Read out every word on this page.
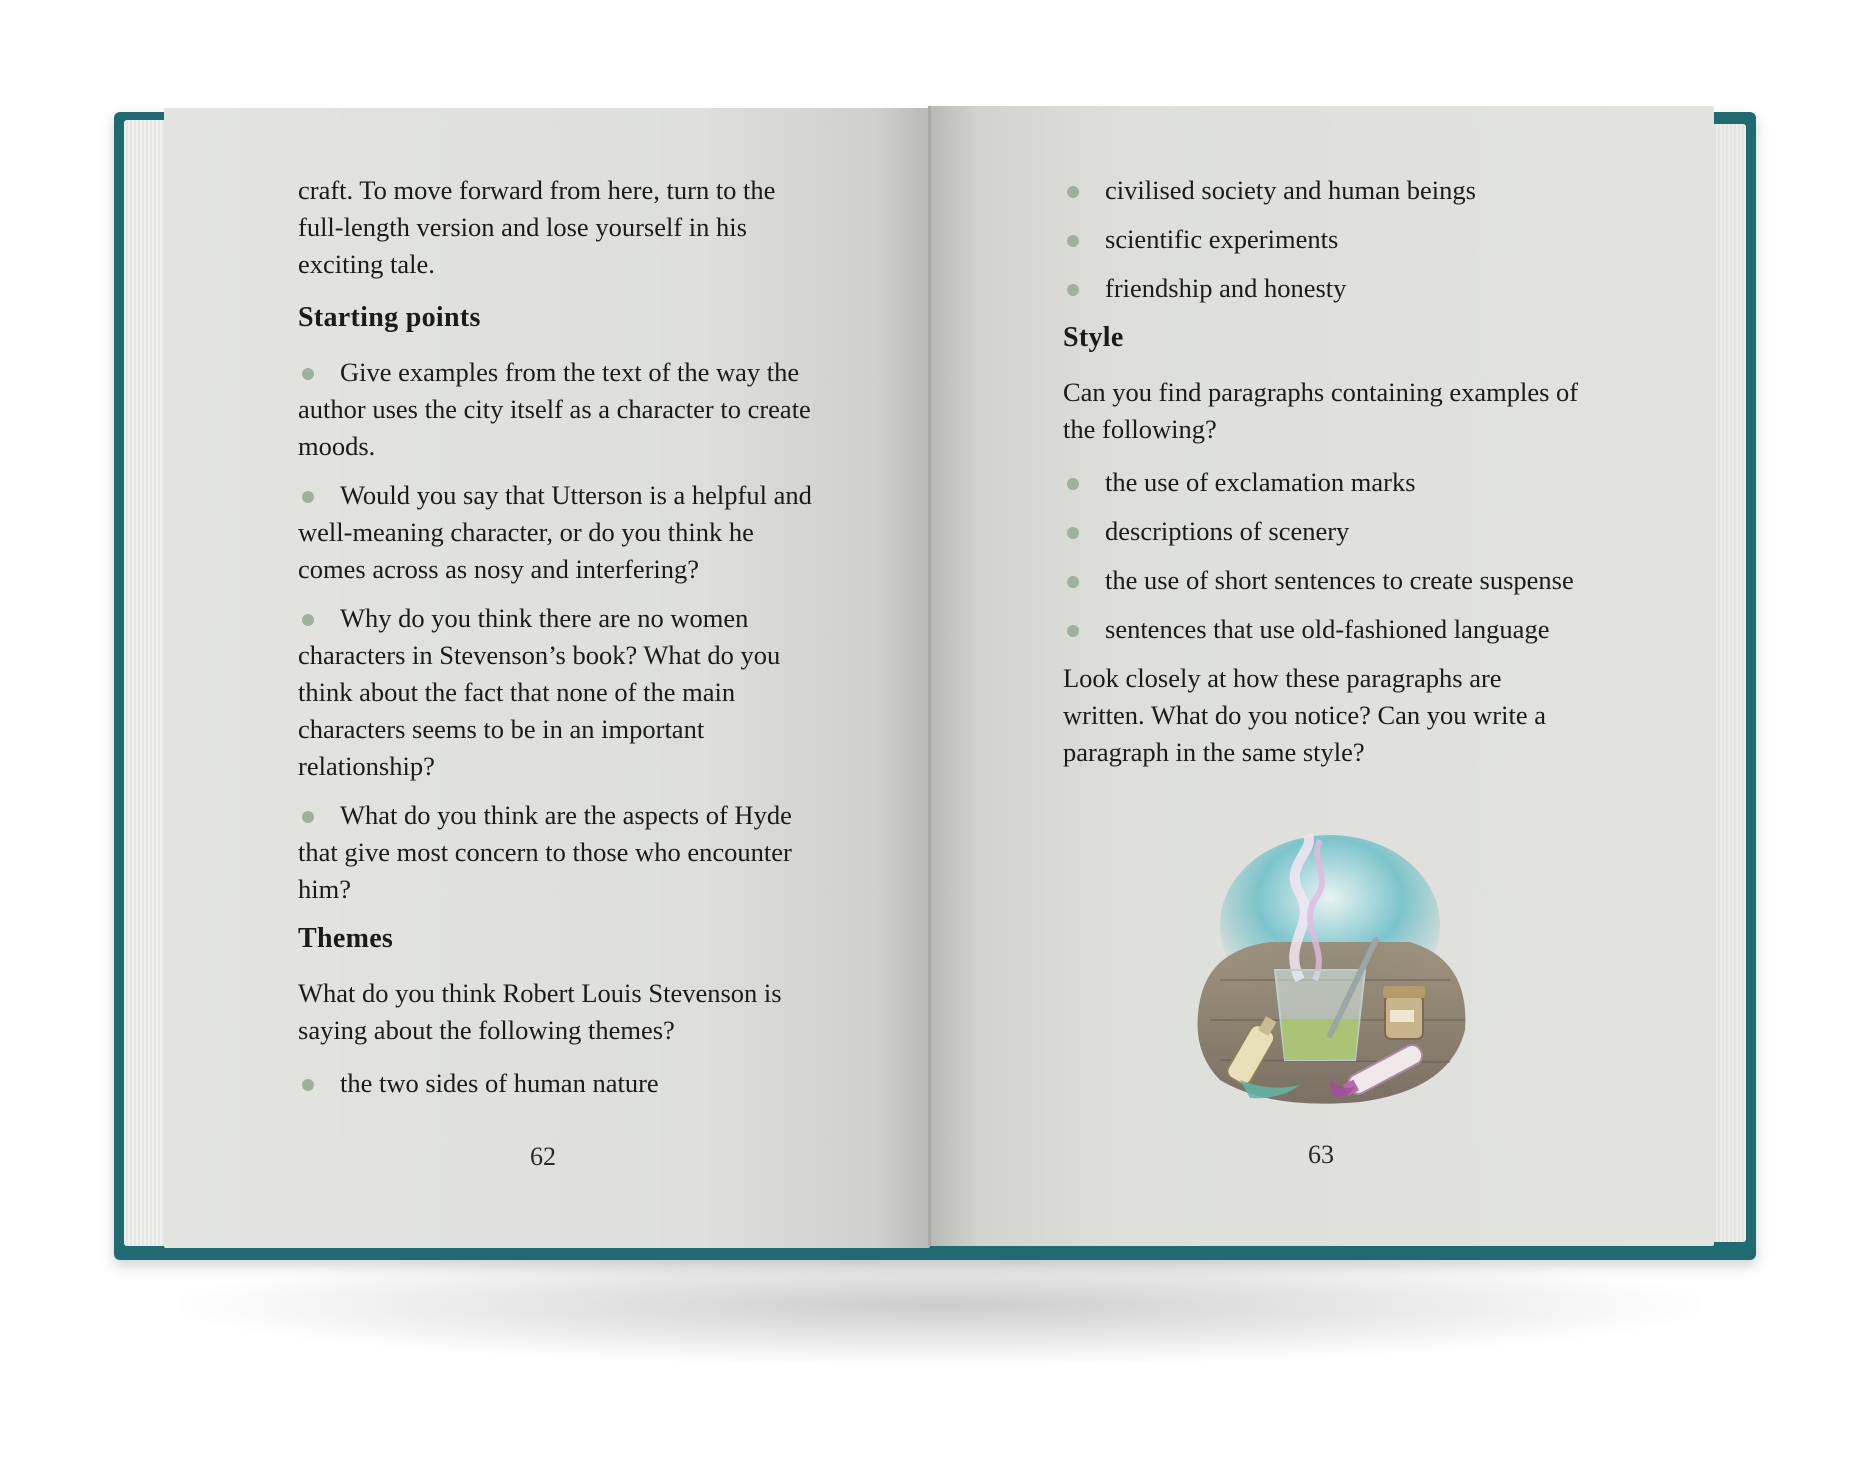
craft. To move forward from here, turn to the full-length version and lose yourself in his exciting tale.

Starting points
Give examples from the text of the way the author uses the city itself as a character to create moods.
Would you say that Utterson is a helpful and well-meaning character, or do you think he comes across as nosy and interfering?
Why do you think there are no women characters in Stevenson’s book? What do you think about the fact that none of the main characters seems to be in an important relationship?
What do you think are the aspects of Hyde that give most concern to those who encounter him?
Themes

What do you think Robert Louis Stevenson is saying about the following themes?

the two sides of human nature
62
civilised society and human beings
scientific experiments
friendship and honesty
Style

Can you find paragraphs containing examples of the following?

the use of exclamation marks
descriptions of scenery
the use of short sentences to create suspense
sentences that use old-fashioned language

Look closely at how these paragraphs are written. What do you notice? Can you write a paragraph in the same style?

63
